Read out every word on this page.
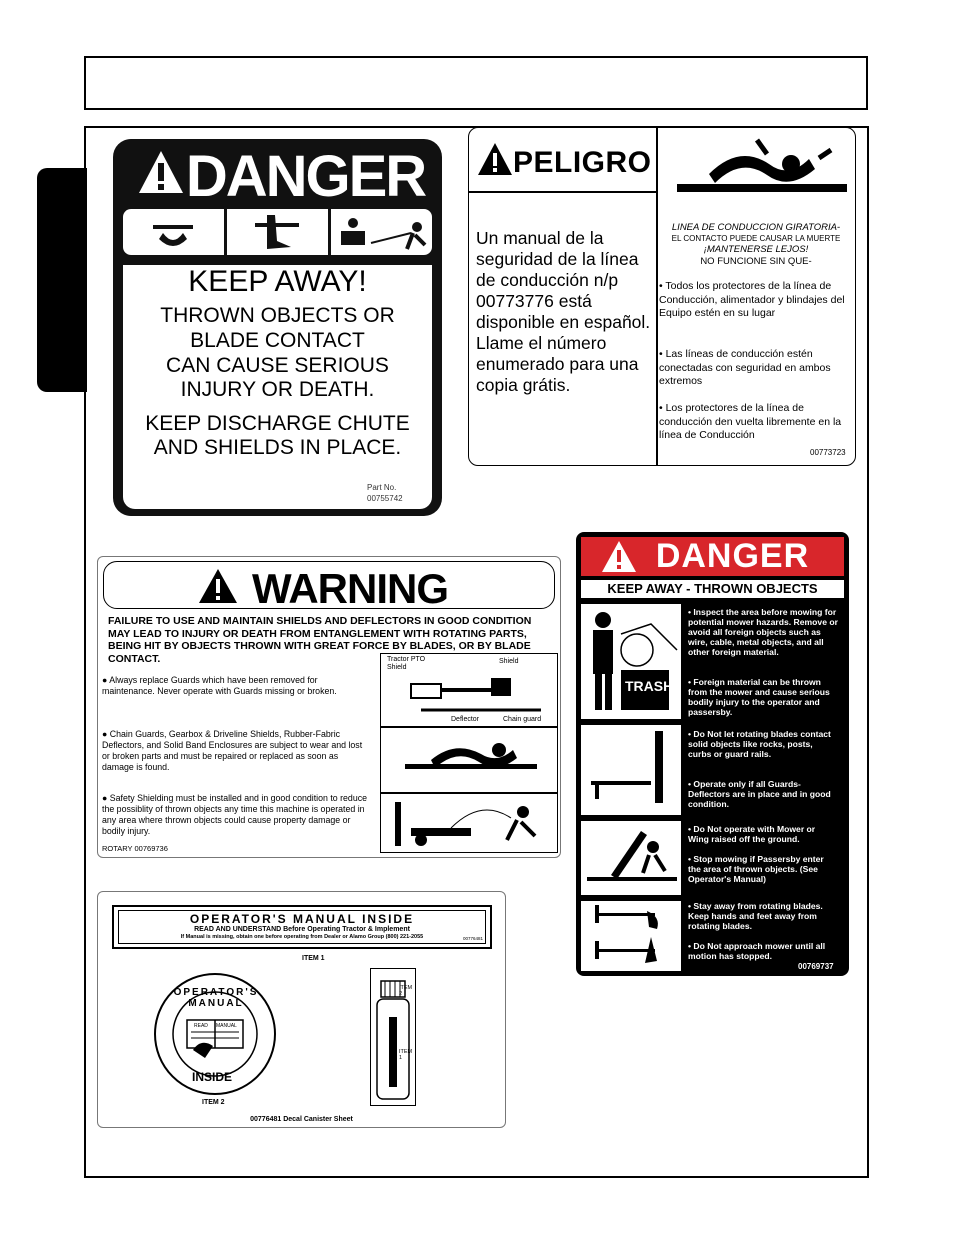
DANGER
KEEP AWAY!
THROWN OBJECTS OR
BLADE CONTACT
CAN CAUSE SERIOUS
INJURY OR DEATH.
KEEP DISCHARGE CHUTE
AND SHIELDS IN PLACE.
Part No.
00755742
PELIGRO
Un manual de la seguridad de la línea de conducción n/p 00773776 está disponible en español. Llame el número enumerado para una copia grátis.
LINEA DE CONDUCCION GIRATORIA-
EL CONTACTO PUEDE CAUSAR LA MUERTE
¡MANTENERSE LEJOS!
NO FUNCIONE SIN QUE-
• Todos los protectores de la línea de Conducción, alimentador y blindajes del Equipo estén en su lugar
• Las líneas de conducción estén conectadas con seguridad en ambos extremos
• Los protectores de la línea de conducción den vuelta libremente en la línea de Conducción
00773723
WARNING
FAILURE TO USE AND MAINTAIN SHIELDS AND DEFLECTORS IN GOOD CONDITION MAY LEAD TO INJURY OR DEATH FROM ENTANGLEMENT WITH ROTATING PARTS, BEING HIT BY OBJECTS THROWN WITH GREAT FORCE BY BLADES, OR BY BLADE CONTACT.
● Always replace Guards which have been removed for maintenance. Never operate with Guards missing or broken.
● Chain Guards, Gearbox & Driveline Shields, Rubber-Fabric Deflectors, and Solid Band Enclosures are subject to wear and lost or broken parts and must be repaired or replaced as soon as damage is found.
● Safety Shielding must be installed and in good condition to reduce the possiblity of thrown objects any time this machine is operated in any area where thrown objects could cause property damage or bodily injury.
ROTARY 00769736
Tractor PTO
Shield
Shield
Deflector	Chain guard
OPERATOR'S MANUAL INSIDE
READ AND UNDERSTAND Before Operating Tractor & Implement
If Manual is missing, obtain one before operating from Dealer or Alamo Group (800) 221-2055	00776481
ITEM 1
OPERATOR'S MANUAL
READ MANUAL
INSIDE
ITEM 2
ITEM 2
ITEM 1
00776481 Decal Canister Sheet
DANGER
KEEP AWAY - THROWN OBJECTS
TRASH
• Inspect the area before mowing for potential mower hazards. Remove or avoid all foreign objects such as wire, cable, metal objects, and all other foreign material.
• Foreign material can be thrown from the mower and cause serious bodily injury to the operator and passersby.
• Do Not let rotating blades contact solid objects like rocks, posts, curbs or guard rails.
• Operate only if all Guards-Deflectors are in place and in good condition.
• Do Not operate with Mower or Wing raised off the ground.
• Stop mowing if Passersby enter the area of thrown objects. (See Operator's Manual)
• Stay away from rotating blades. Keep hands and feet away from rotating blades.
• Do Not approach mower until all motion has stopped.
00769737
